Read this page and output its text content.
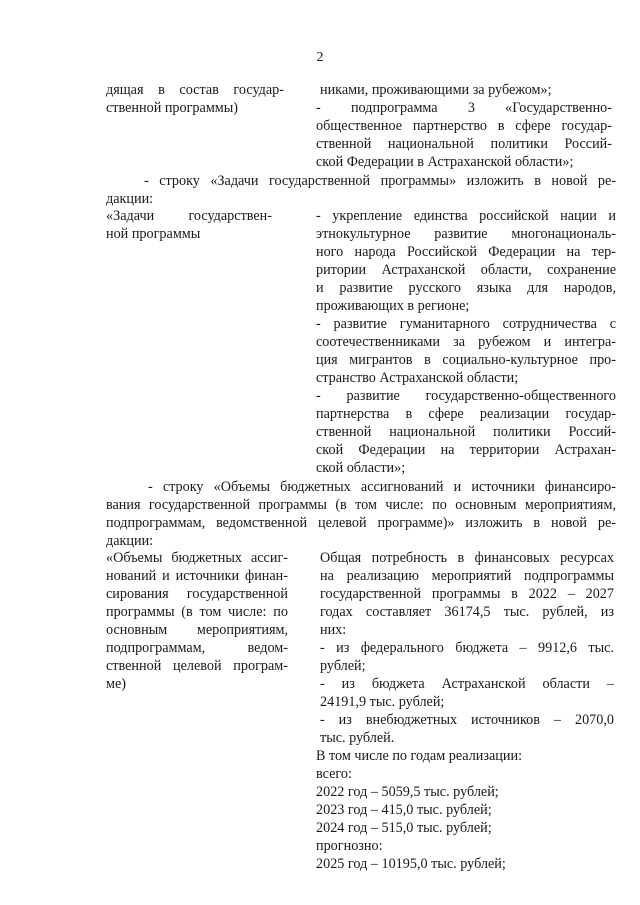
2
дящая в состав государ-
ственной программы)
никами, проживающими за рубежом»;
- подпрограмма 3 «Государственно-
общественное партнерство в сфере государ-
ственной национальной политики Россий-
ской Федерации в Астраханской области»;
- строку «Задачи государственной программы» изложить в новой ре-
дакции:
«Задачи государствен-
ной программы
- укрепление единства российской нации и
этнокультурное развитие многонациональ-
ного народа Российской Федерации на тер-
ритории Астраханской области, сохранение
и развитие русского языка для народов,
проживающих в регионе;
- развитие гуманитарного сотрудничества с
соотечественниками за рубежом и интегра-
ция мигрантов в социально-культурное про-
странство Астраханской области;
- развитие государственно-общественного
партнерства в сфере реализации государ-
ственной национальной политики Россий-
ской Федерации на территории Астрахан-
ской области»;
- строку «Объемы бюджетных ассигнований и источники финансиро-
вания государственной программы (в том числе: по основным мероприятиям,
подпрограммам, ведомственной целевой программе)» изложить в новой ре-
дакции:
«Объемы бюджетных ассиг-
нований и источники финан-
сирования государственной
программы (в том числе: по
основным мероприятиям,
подпрограммам, ведом-
ственной целевой програм-
ме)
Общая потребность в финансовых ресурсах
на реализацию мероприятий подпрограммы
государственной программы в 2022 – 2027
годах составляет 36174,5 тыс. рублей, из
них:
- из федерального бюджета – 9912,6 тыс.
рублей;
- из бюджета Астраханской области –
24191,9 тыс. рублей;
- из внебюджетных источников – 2070,0
тыс. рублей.
В том числе по годам реализации:
всего:
2022 год – 5059,5 тыс. рублей;
2023 год – 415,0 тыс. рублей;
2024 год – 515,0 тыс. рублей;
прогнозно:
2025 год – 10195,0 тыс. рублей;
